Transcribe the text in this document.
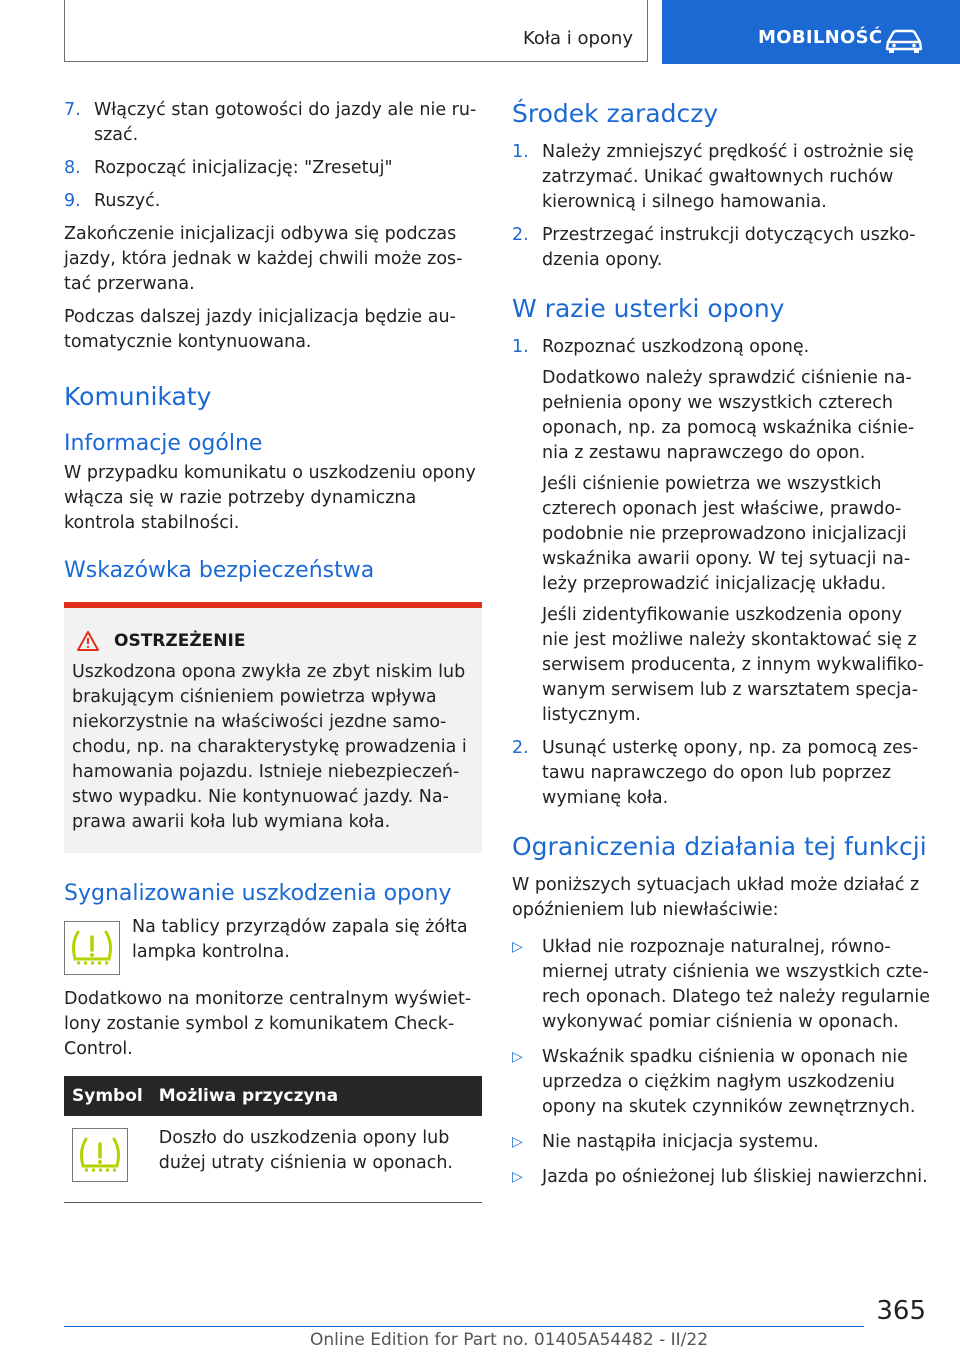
Koła i opony	MOBILNOŚĆ
7. Włączyć stan gotowości do jazdy ale nie ruszać.
8. Rozpocząć inicjalizację: "Zresetuj"
9. Ruszyć.

Zakończenie inicjalizacji odbywa się podczas jazdy, która jednak w każdej chwili może zostać przerwana.

Podczas dalszej jazdy inicjalizacja będzie automatycznie kontynuowana.

Komunikaty
Informacje ogólne

W przypadku komunikatu o uszkodzeniu opony włącza się w razie potrzeby dynamiczna kontrola stabilności.

Wskazówka bezpieczeństwa
OSTRZEŻENIE
Uszkodzona opona zwykła ze zbyt niskim lub brakującym ciśnieniem powietrza wpływa niekorzystnie na właściwości jezdne samochodu, np. na charakterystykę prowadzenia i hamowania pojazdu. Istnieje niebezpieczeństwo wypadku. Nie kontynuować jazdy. Naprawa awarii koła lub wymiana koła.
Sygnalizowanie uszkodzenia opony
Na tablicy przyrządów zapala się żółta lampka kontrolna.

Dodatkowo na monitorze centralnym wyświetlony zostanie symbol z komunikatem Check-Control.

Symbol	Możliwa przyczyna

	Doszło do uszkodzenia opony lub dużej utraty ciśnienia w oponach.
Środek zaradczy
1. Należy zmniejszyć prędkość i ostrożnie się zatrzymać. Unikać gwałtownych ruchów kierownicą i silnego hamowania.
2. Przestrzegać instrukcji dotyczących uszkodzenia opony.
W razie usterki opony
1. Rozpoznać uszkodzoną oponę.
Dodatkowo należy sprawdzić ciśnienie napełnienia opony we wszystkich czterech oponach, np. za pomocą wskaźnika ciśnienia z zestawu naprawczego do opon.
Jeśli ciśnienie powietrza we wszystkich czterech oponach jest właściwe, prawdopodobnie nie przeprowadzono inicjalizacji wskaźnika awarii opony. W tej sytuacji należy przeprowadzić inicjalizację układu.
Jeśli zidentyfikowanie uszkodzenia opony nie jest możliwe należy skontaktować się z serwisem producenta, z innym wykwalifikowanym serwisem lub z warsztatem specjalistycznym.
2. Usunąć usterkę opony, np. za pomocą zestawu naprawczego do opon lub poprzez wymianę koła.
Ograniczenia działania tej funkcji

W poniższych sytuacjach układ może działać z opóźnieniem lub niewłaściwie:

▷ Układ nie rozpoznaje naturalnej, równomiernej utraty ciśnienia we wszystkich czterech oponach. Dlatego też należy regularnie wykonywać pomiar ciśnienia w oponach.
▷ Wskaźnik spadku ciśnienia w oponach nie uprzedza o ciężkim nagłym uszkodzeniu opony na skutek czynników zewnętrznych.
▷ Nie nastąpiła inicjacja systemu.
▷ Jazda po ośnieżonej lub śliskiej nawierzchni.
365
Online Edition for Part no. 01405A54482 - II/22
